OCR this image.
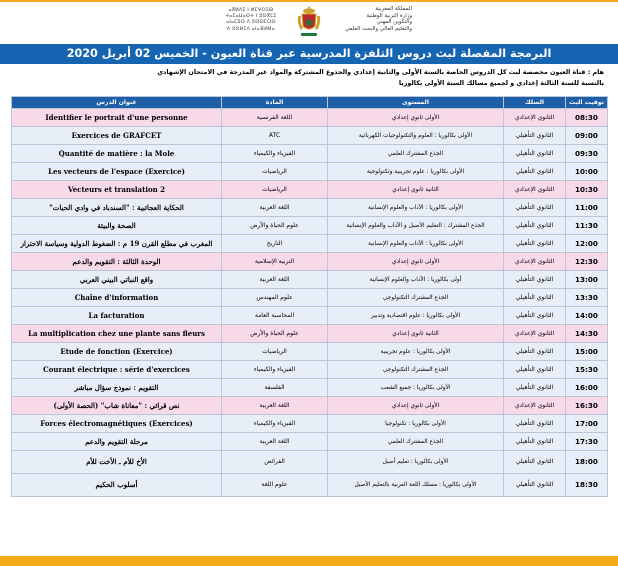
ⴰⴳⵍⴷⵉ ⵏ ⵍⵎⵖⵔⵉⴱ
ⵜⴰⵎⴰⵡⴰⵙⵜ ⵏ ⵓⵙⴳⵎⵉ
ⴰⵏⴰⵎⵓⵔ ⴷ ⵓⵙⵙⵎⵔⵙ
ⴷ ⵓⵙⵍⵎⴷ ⴰⵏⴰⴼⵍⵍⴰ
المملكة المغربية
وزارة التربية الوطنية
والتكوين المهني
والتعليم العالي والبحث العلمي
البرمجة المفصلة لبث دروس التلفزة المدرسية عبر قناة العيون - الخميس 02 أبريل 2020
هام : قناة العيون مخصصة لبث كل الدروس الخاصة بالسنة الأولى والثانية إعدادي والجذوع المشتركة والمواد غير المدرجة في الامتحان الإشهادي
بالنسبة للسنة الثالثة إعدادي و لجميع مسالك السنة الأولى بكالوريا
عنوان الدرس	المادة	المستوى	السلك	توقيت البث
Identifier le portrait d'une personne	اللغة الفرنسية	الأولى ثانوي إعدادي	الثانوي الإعدادي	08:30
Exercices de GRAFCET	ATC	الأولى بكالوريا : العلوم والتكنولوجيات الكهربائية	الثانوي التأهيلي	09:00
Quantité de matière : la Mole	الفيزياء والكيمياء	الجذع المشترك العلمي	الثانوي التأهيلي	09:30
Les vecteurs de l'espace (Exercice)	الرياضيات	الأولى بكالوريا : علوم تجريبية وتكنولوجية	الثانوي التأهيلي	10:00
Vecteurs et translation 2	الرياضيات	الثانية ثانوي إعدادي	الثانوي الإعدادي	10:30
الحكاية العجائبية : "السندباد في وادي الحيات"	اللغة العربية	الأولى بكالوريا : الآداب والعلوم الإنسانية	الثانوي التأهيلي	11:00
الصحة والبيئة	علوم الحياة والأرض	الجذع المشترك : التعليم الأصيل و الآداب والعلوم الإنسانية	الثانوي التأهيلي	11:30
المغرب في مطلع القرن 19 م : الضغوط الدولية وسياسة الاحتراز	التاريخ	الأولى بكالوريا : الآداب والعلوم الإنسانية	الثانوي التأهيلي	12:00
الوحدة الثالثة : التقويم والدعم	التربية الإسلامية	الأولى ثانوي إعدادي	الثانوي الإعدادي	12:30
واقع النباتي البيني العربي	اللغة العربية	أولى بكالوريا : الآداب والعلوم الإنسانية	الثانوي التأهيلي	13:00
Chaîne d'information	علوم المهندس	الجذع المشترك التكنولوجي	الثانوي التأهيلي	13:30
La facturation	المحاسبة العامة	الأولى بكالوريا : علوم اقتصادية وتدبير	الثانوي التأهيلي	14:00
La multiplication chez une plante sans fleurs	علوم الحياة والأرض	الثانية ثانوي إعدادي	الثانوي الإعدادي	14:30
Etude de fonction (Exercice)	الرياضيات	الأولى بكالوريا : علوم تجريبية	الثانوي التأهيلي	15:00
Courant électrique : série d'exercices	الفيزياء والكيمياء	الجذع المشترك التكنولوجي	الثانوي التأهيلي	15:30
التقويم : نموذج سؤال مباشر	الفلسفة	الأولى بكالوريا : جميع الشعب	الثانوي التأهيلي	16:00
نص قرائي : "معاناة شاب" (الحصة الأولى)	اللغة العربية	الأولى ثانوي إعدادي	الثانوي الإعدادي	16:30
Forces électromagnétiques (Exercices)	الفيزياء والكيمياء	الأولى بكالوريا : تكنولوجيا	الثانوي التأهيلي	17:00
مرحلة التقويم والدعم	اللغة العربية	الجذع المشترك العلمي	الثانوي التأهيلي	17:30
الأخ للأم ـ الأخت للأم	الفرائض	الأولى بكالوريا : تعليم أصيل	الثانوي التأهيلي	18:00
أسلوب الحكيم	علوم اللغة	الأولى بكالوريا : مسلك اللغة العربية بالتعليم الأصيل	الثانوي التأهيلي	18:30
